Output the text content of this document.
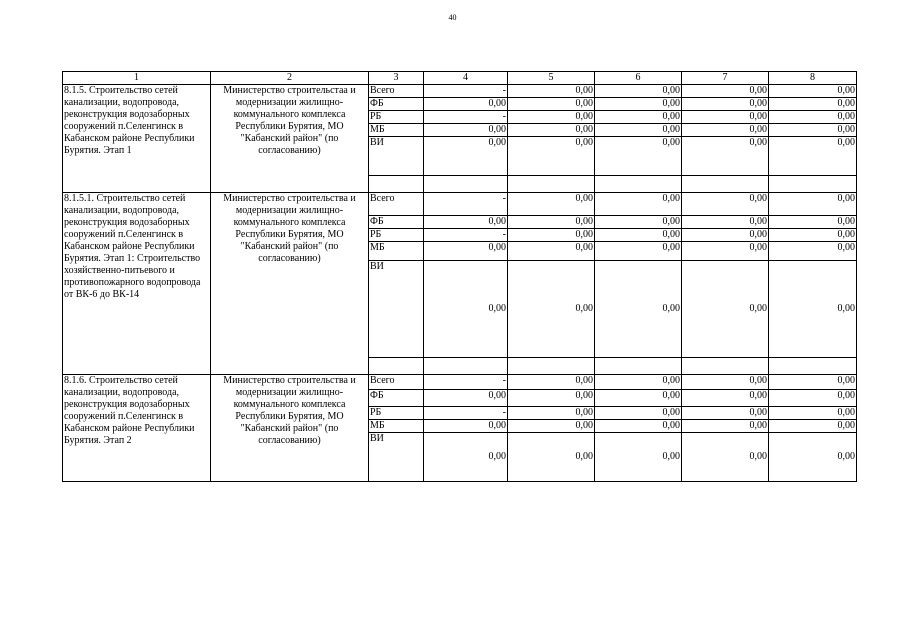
40
1	2	3	4	5	6	7	8
8.1.5. Строительство сетей канализации, водопровода, реконструкция водозаборных сооружений п.Селенгинск в Кабанском районе Республики Бурятия. Этап 1	Министерство строительстаа и модернизации жилищно-коммунального комплекса Республики Бурятия, МО "Кабанский район" (по согласованию)	Всего	-	0,00	0,00	0,00	0,00
		ФБ	0,00	0,00	0,00	0,00	0,00
		РБ	-	0,00	0,00	0,00	0,00
		МБ	0,00	0,00	0,00	0,00	0,00
		ВИ	0,00	0,00	0,00	0,00	0,00

8.1.5.1. Строительство сетей канализации, водопровода, реконструкция водозаборных сооружений п.Селенгинск в Кабанском районе Республики Бурятия. Этап 1: Строительство хозяйственно-питьевого и противопожарного водопровода от ВК-6 до ВК-14	Министерство строительства и модернизации жилищно-коммунального комплекса Республики Бурятия, МО "Кабанский район" (по согласованию)	Всего	-	0,00	0,00	0,00	0,00
		ФБ	0,00	0,00	0,00	0,00	0,00
		РБ	-	0,00	0,00	0,00	0,00
		МБ	0,00	0,00	0,00	0,00	0,00
		ВИ	0,00	0,00	0,00	0,00	0,00

8.1.6. Строительство сетей канализации, водопровода, реконструкция водозаборных сооружений п.Селенгинск в Кабанском районе Республики Бурятия. Этап 2	Министерство строительства и модернизации жилищно-коммунального комплекса Республики Бурятия, МО "Кабанский район" (по согласованию)	Всего	-	0,00	0,00	0,00	0,00
		ФБ	0,00	0,00	0,00	0,00	0,00
		РБ	-	0,00	0,00	0,00	0,00
		МБ	0,00	0,00	0,00	0,00	0,00
		ВИ	0,00	0,00	0,00	0,00	0,00
